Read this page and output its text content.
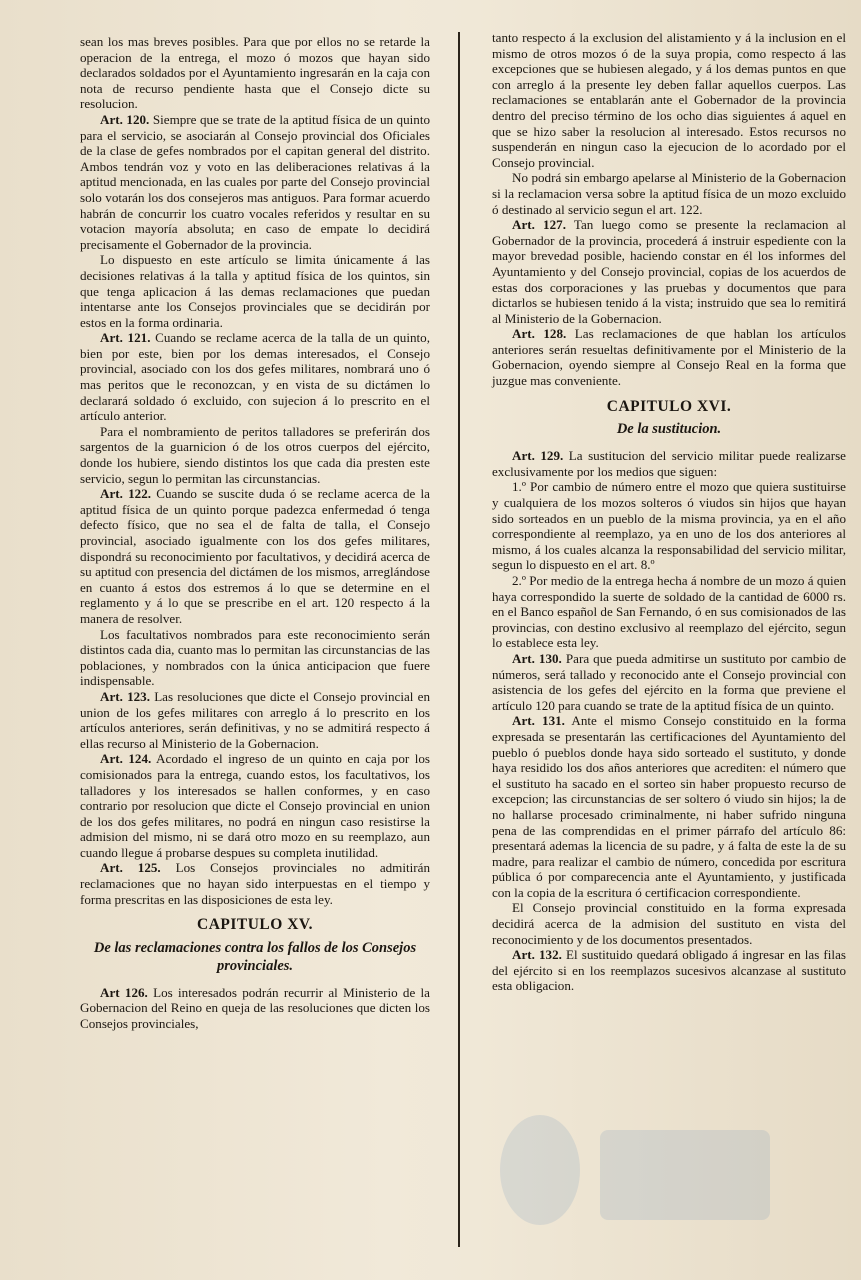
sean los mas breves posibles. Para que por ellos no se retarde la operacion de la entrega, el mozo ó mozos que hayan sido declarados soldados por el Ayuntamiento ingresarán en la caja con nota de recurso pendiente hasta que el Consejo dicte su resolucion.

Art. 120. Siempre que se trate de la aptitud física de un quinto para el servicio, se asociarán al Consejo provincial dos Oficiales de la clase de gefes nombrados por el capitan general del distrito. Ambos tendrán voz y voto en las deliberaciones relativas á la aptitud mencionada, en las cuales por parte del Consejo provincial solo votarán los dos consejeros mas antiguos. Para formar acuerdo habrán de concurrir los cuatro vocales referidos y resultar en su votacion mayoría absoluta; en caso de empate lo decidirá precisamente el Gobernador de la provincia.

Lo dispuesto en este artículo se limita únicamente á las decisiones relativas á la talla y aptitud física de los quintos, sin que tenga aplicacion á las demas reclamaciones que puedan intentarse ante los Consejos provinciales que se decidirán por estos en la forma ordinaria.

Art. 121. Cuando se reclame acerca de la talla de un quinto, bien por este, bien por los demas interesados, el Consejo provincial, asociado con los dos gefes militares, nombrará uno ó mas peritos que le reconozcan, y en vista de su dictámen lo declarará soldado ó excluido, con sujecion á lo prescrito en el artículo anterior.

Para el nombramiento de peritos talladores se preferirán dos sargentos de la guarnicion ó de los otros cuerpos del ejército, donde los hubiere, siendo distintos los que cada dia presten este servicio, segun lo permitan las circunstancias.

Art. 122. Cuando se suscite duda ó se reclame acerca de la aptitud física de un quinto porque padezca enfermedad ó tenga defecto físico, que no sea el de falta de talla, el Consejo provincial, asociado igualmente con los dos gefes militares, dispondrá su reconocimiento por facultativos, y decidirá acerca de su aptitud con presencia del dictámen de los mismos, arreglándose en cuanto á estos dos estremos á lo que se determine en el reglamento y á lo que se prescribe en el art. 120 respecto á la manera de resolver.

Los facultativos nombrados para este reconocimiento serán distintos cada dia, cuanto mas lo permitan las circunstancias de las poblaciones, y nombrados con la única anticipacion que fuere indispensable.

Art. 123. Las resoluciones que dicte el Consejo provincial en union de los gefes militares con arreglo á lo prescrito en los artículos anteriores, serán definitivas, y no se admitirá respecto á ellas recurso al Ministerio de la Gobernacion.

Art. 124. Acordado el ingreso de un quinto en caja por los comisionados para la entrega, cuando estos, los facultativos, los talladores y los interesados se hallen conformes, y en caso contrario por resolucion que dicte el Consejo provincial en union de los dos gefes militares, no podrá en ningun caso resistirse la admision del mismo, ni se dará otro mozo en su reemplazo, aun cuando llegue á probarse despues su completa inutilidad.

Art. 125. Los Consejos provinciales no admitirán reclamaciones que no hayan sido interpuestas en el tiempo y forma prescritas en las disposiciones de esta ley.

CAPITULO XV.
De las reclamaciones contra los fallos de los Consejos provinciales.

Art 126. Los interesados podrán recurrir al Ministerio de la Gobernacion del Reino en queja de las resoluciones que dicten los Consejos provinciales,

tanto respecto á la exclusion del alistamiento y á la inclusion en el mismo de otros mozos ó de la suya propia, como respecto á las excepciones que se hubiesen alegado, y á los demas puntos en que con arreglo á la presente ley deben fallar aquellos cuerpos. Las reclamaciones se entablarán ante el Gobernador de la provincia dentro del preciso término de los ocho dias siguientes á aquel en que se hizo saber la resolucion al interesado. Estos recursos no suspenderán en ningun caso la ejecucion de lo acordado por el Consejo provincial.

No podrá sin embargo apelarse al Ministerio de la Gobernacion si la reclamacion versa sobre la aptitud física de un mozo excluido ó destinado al servicio segun el art. 122.

Art. 127. Tan luego como se presente la reclamacion al Gobernador de la provincia, procederá á instruir espediente con la mayor brevedad posible, haciendo constar en él los informes del Ayuntamiento y del Consejo provincial, copias de los acuerdos de estas dos corporaciones y las pruebas y documentos que para dictarlos se hubiesen tenido á la vista; instruido que sea lo remitirá al Ministerio de la Gobernacion.

Art. 128. Las reclamaciones de que hablan los artículos anteriores serán resueltas definitivamente por el Ministerio de la Gobernacion, oyendo siempre al Consejo Real en la forma que juzgue mas conveniente.

CAPITULO XVI.
De la sustitucion.

Art. 129. La sustitucion del servicio militar puede realizarse exclusivamente por los medios que siguen:

1.º Por cambio de número entre el mozo que quiera sustituirse y cualquiera de los mozos solteros ó viudos sin hijos que hayan sido sorteados en un pueblo de la misma provincia, ya en el año correspondiente al reemplazo, ya en uno de los dos anteriores al mismo, á los cuales alcanza la responsabilidad del servicio militar, segun lo dispuesto en el art. 8.º

2.º Por medio de la entrega hecha á nombre de un mozo á quien haya correspondido la suerte de soldado de la cantidad de 6000 rs. en el Banco español de San Fernando, ó en sus comisionados de las provincias, con destino exclusivo al reemplazo del ejército, segun lo establece esta ley.

Art. 130. Para que pueda admitirse un sustituto por cambio de números, será tallado y reconocido ante el Consejo provincial con asistencia de los gefes del ejército en la forma que previene el artículo 120 para cuando se trate de la aptitud física de un quinto.

Art. 131. Ante el mismo Consejo constituido en la forma expresada se presentarán las certificaciones del Ayuntamiento del pueblo ó pueblos donde haya sido sorteado el sustituto, y donde haya residido los dos años anteriores que acrediten: el número que el sustituto ha sacado en el sorteo sin haber propuesto recurso de excepcion; las circunstancias de ser soltero ó viudo sin hijos; la de no hallarse procesado criminalmente, ni haber sufrido ninguna pena de las comprendidas en el primer párrafo del artículo 86: presentará ademas la licencia de su padre, y á falta de este la de su madre, para realizar el cambio de número, concedida por escritura pública ó por comparecencia ante el Ayuntamiento, y justificada con la copia de la escritura ó certificacion correspondiente.

El Consejo provincial constituido en la forma expresada decidirá acerca de la admision del sustituto en vista del reconocimiento y de los documentos presentados.

Art. 132. El sustituido quedará obligado á ingresar en las filas del ejército si en los reemplazos sucesivos alcanzase al sustituto esta obligacion.
